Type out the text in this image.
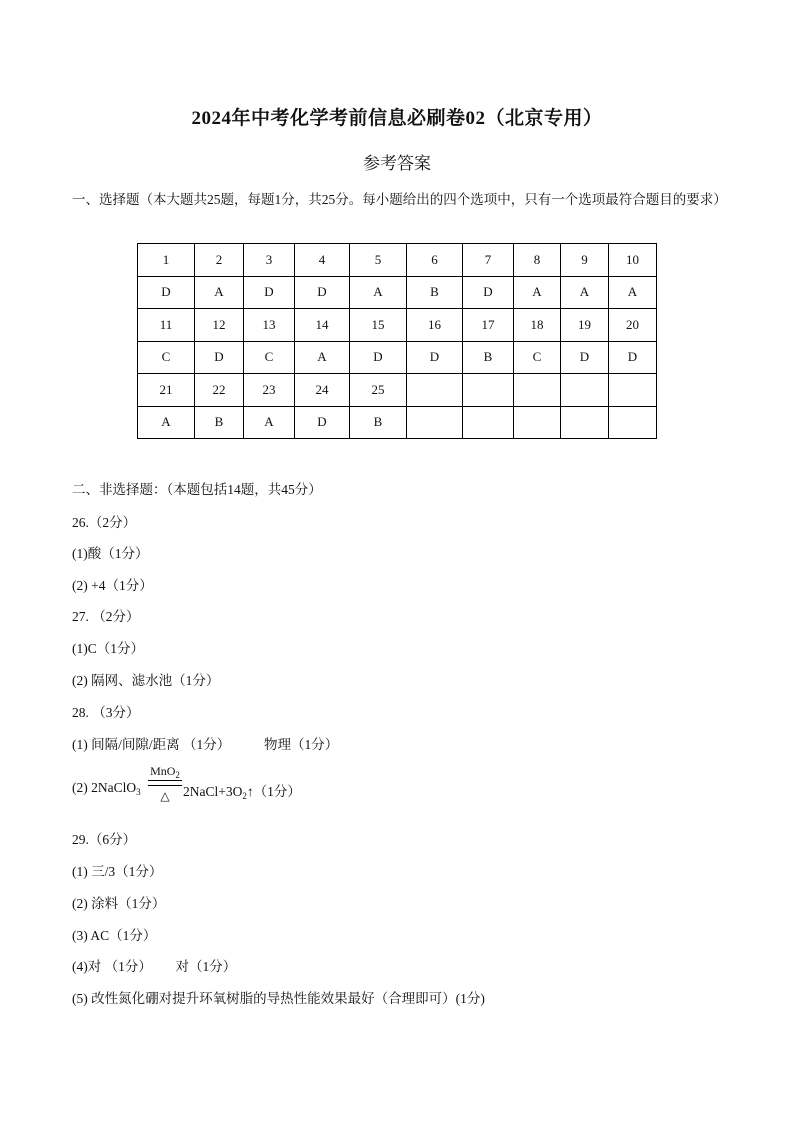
2024年中考化学考前信息必刷卷02（北京专用）
参考答案
一、选择题（本大题共25题，每题1分，共25分。每小题给出的四个选项中，只有一个选项最符合题目的要求）
1	2	3	4	5	6	7	8	9	10
D	A	D	D	A	B	D	A	A	A
11	12	13	14	15	16	17	18	19	20
C	D	C	A	D	D	B	C	D	D
21	22	23	24	25					
A	B	A	D	B					
二、非选择题：（本题包括14题，共45分）
26.（2分）
(1)酸（1分）
(2) +4（1分）
27. （2分）
(1)C（1分）
(2) 隔网、滤水池（1分）
28. （3分）
(1) 间隔/间隙/距离 （1分）          物理（1分）
(2) 2NaClO$_3$
MnO$_2$
△ $2NaCl+3O_2↑(1$分）
29.（6分）
(1) 三/3（1分）
(2) 涂料（1分）
(3) AC（1分）
(4)对 （1分）       对（1分）
(5) 改性氮化硼对提升环氧树脂的导热性能效果最好（合理即可）(1分)
